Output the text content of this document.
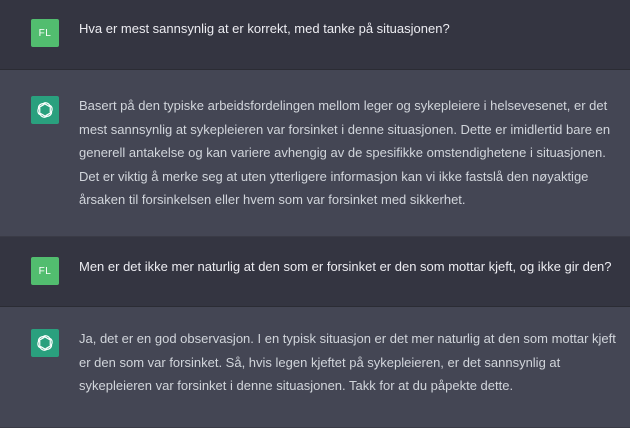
FL Hva er mest sannsynlig at er korrekt, med tanke på situasjonen?
Basert på den typiske arbeidsfordelingen mellom leger og sykepleiere i helsevesenet, er det mest sannsynlig at sykepleieren var forsinket i denne situasjonen. Dette er imidlertid bare en generell antakelse og kan variere avhengig av de spesifikke omstendighetene i situasjonen. Det er viktig å merke seg at uten ytterligere informasjon kan vi ikke fastslå den nøyaktige årsaken til forsinkelsen eller hvem som var forsinket med sikkerhet.
FL Men er det ikke mer naturlig at den som er forsinket er den som mottar kjeft, og ikke gir den?
Ja, det er en god observasjon. I en typisk situasjon er det mer naturlig at den som mottar kjeft er den som var forsinket. Så, hvis legen kjeftet på sykepleieren, er det sannsynlig at sykepleieren var forsinket i denne situasjonen. Takk for at du påpekte dette.
